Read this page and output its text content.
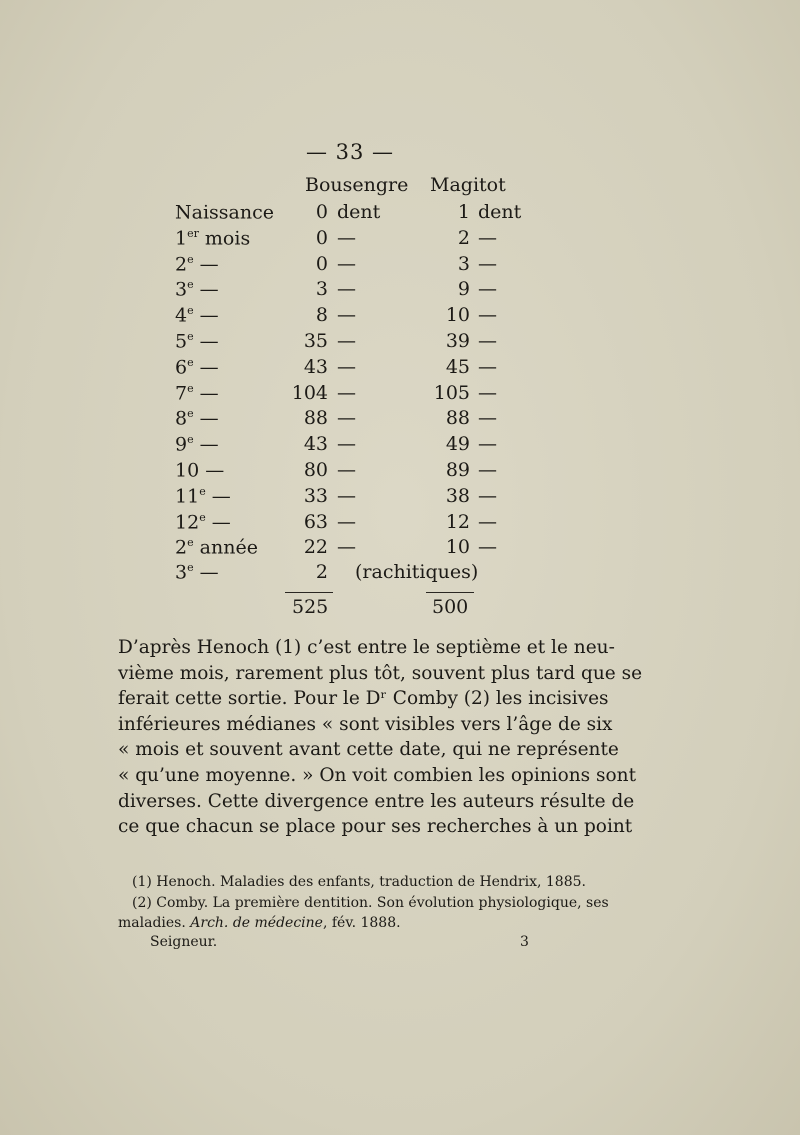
— 33 —
Bousengre Magitot
Naissance	0 dent	1 dent
1er mois	0 —	2 —
2e —	0 —	3 —
3e —	3 —	9 —
4e —	8 —	10 —
5e —	35 —	39 —
6e —	43 —	45 —
7e —	104 —	105 —
8e —	88 —	88 —
9e —	43 —	49 —
10 —	80 —	89 —
11e —	33 —	38 —
12e —	63 —	12 —
2e année	22 —	10 —
3e —	2 (rachitiques)
525	500
D’après Henoch (1) c’est entre le septième et le neu-
vième mois, rarement plus tôt, souvent plus tard que se
ferait cette sortie. Pour le Dʳ Comby (2) les incisives
inférieures médianes « sont visibles vers l’âge de six
« mois et souvent avant cette date, qui ne représente
« qu’une moyenne. » On voit combien les opinions sont
diverses. Cette divergence entre les auteurs résulte de
ce que chacun se place pour ses recherches à un point
(1) Henoch. Maladies des enfants, traduction de Hendrix, 1885.
(2) Comby. La première dentition. Son évolution physiologique, ses
maladies. Arch. de médecine, fév. 1888.
Seigneur.	3
